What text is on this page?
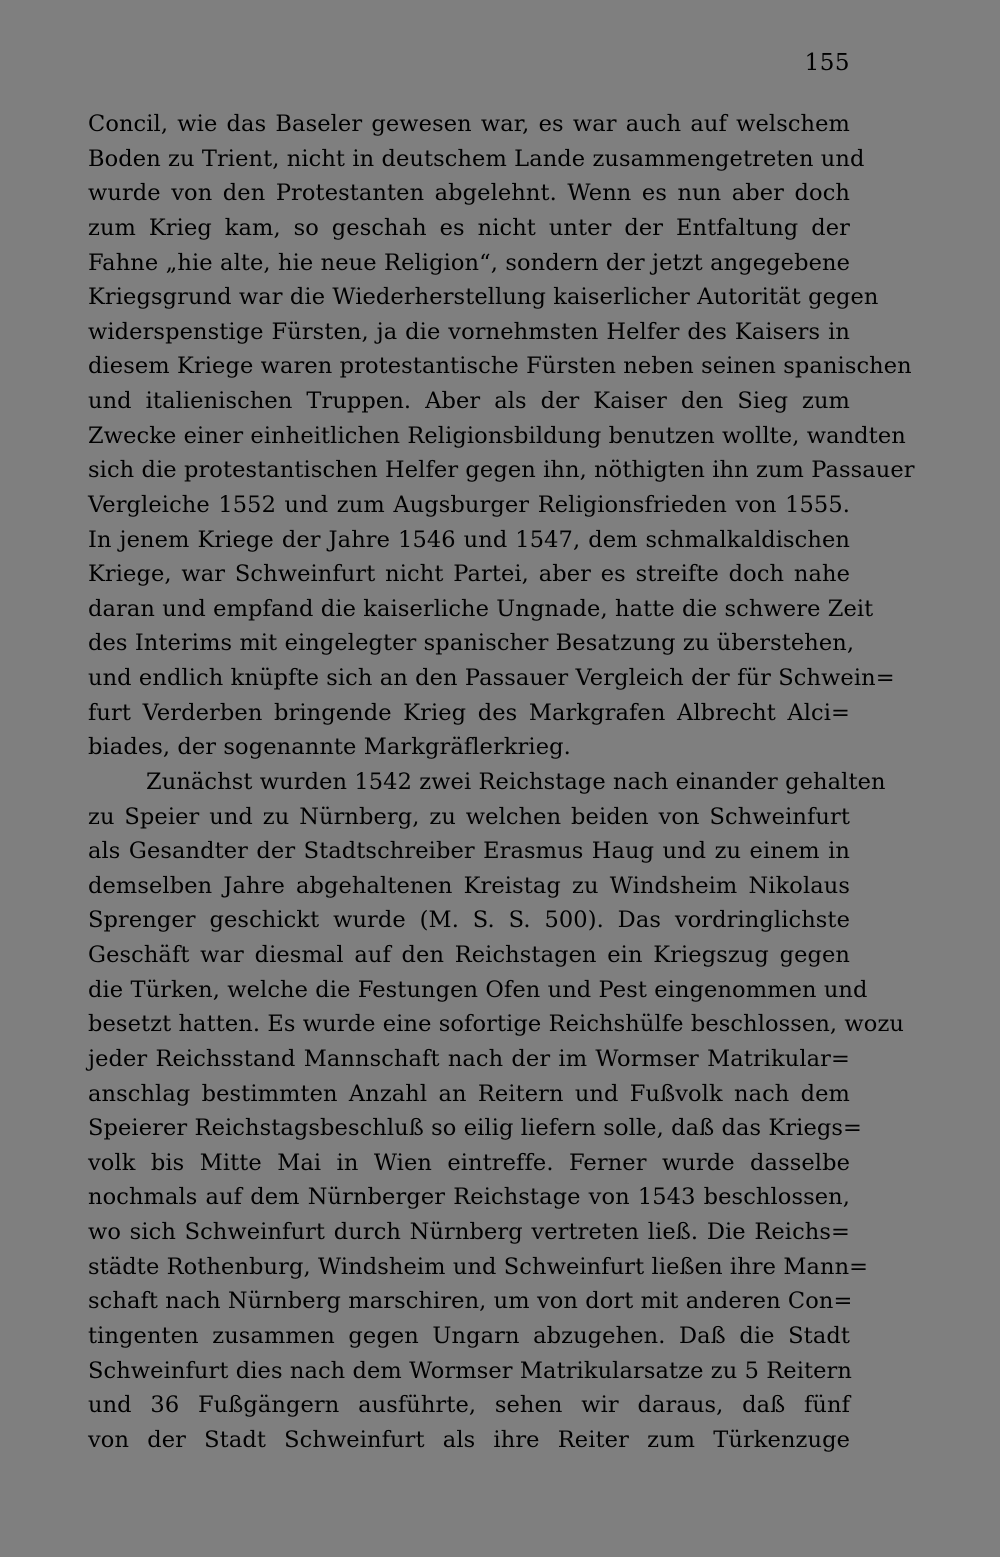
155
Concil, wie das Baseler gewesen war, es war auch auf welschem
Boden zu Trient, nicht in deutschem Lande zusammengetreten und
wurde von den Protestanten abgelehnt. Wenn es nun aber doch
zum Krieg kam, so geschah es nicht unter der Entfaltung der
Fahne „hie alte, hie neue Religion“, sondern der jetzt angegebene
Kriegsgrund war die Wiederherstellung kaiserlicher Autorität gegen
widerspenstige Fürsten, ja die vornehmsten Helfer des Kaisers in
diesem Kriege waren protestantische Fürsten neben seinen spanischen
und italienischen Truppen. Aber als der Kaiser den Sieg zum
Zwecke einer einheitlichen Religionsbildung benutzen wollte, wandten
sich die protestantischen Helfer gegen ihn, nöthigten ihn zum Passauer
Vergleiche 1552 und zum Augsburger Religionsfrieden von 1555.
In jenem Kriege der Jahre 1546 und 1547, dem schmalkaldischen
Kriege, war Schweinfurt nicht Partei, aber es streifte doch nahe
daran und empfand die kaiserliche Ungnade, hatte die schwere Zeit
des Interims mit eingelegter spanischer Besatzung zu überstehen,
und endlich knüpfte sich an den Passauer Vergleich der für Schwein=
furt Verderben bringende Krieg des Markgrafen Albrecht Alci=
biades, der sogenannte Markgräflerkrieg.
Zunächst wurden 1542 zwei Reichstage nach einander gehalten
zu Speier und zu Nürnberg, zu welchen beiden von Schweinfurt
als Gesandter der Stadtschreiber Erasmus Haug und zu einem in
demselben Jahre abgehaltenen Kreistag zu Windsheim Nikolaus
Sprenger geschickt wurde (M. S. S. 500). Das vordringlichste
Geschäft war diesmal auf den Reichstagen ein Kriegszug gegen
die Türken, welche die Festungen Ofen und Pest eingenommen und
besetzt hatten. Es wurde eine sofortige Reichshülfe beschlossen, wozu
jeder Reichsstand Mannschaft nach der im Wormser Matrikular=
anschlag bestimmten Anzahl an Reitern und Fußvolk nach dem
Speierer Reichstagsbeschluß so eilig liefern solle, daß das Kriegs=
volk bis Mitte Mai in Wien eintreffe. Ferner wurde dasselbe
nochmals auf dem Nürnberger Reichstage von 1543 beschlossen,
wo sich Schweinfurt durch Nürnberg vertreten ließ. Die Reichs=
städte Rothenburg, Windsheim und Schweinfurt ließen ihre Mann=
schaft nach Nürnberg marschiren, um von dort mit anderen Con=
tingenten zusammen gegen Ungarn abzugehen. Daß die Stadt
Schweinfurt dies nach dem Wormser Matrikularsatze zu 5 Reitern
und 36 Fußgängern ausführte, sehen wir daraus, daß fünf
von der Stadt Schweinfurt als ihre Reiter zum Türkenzuge
